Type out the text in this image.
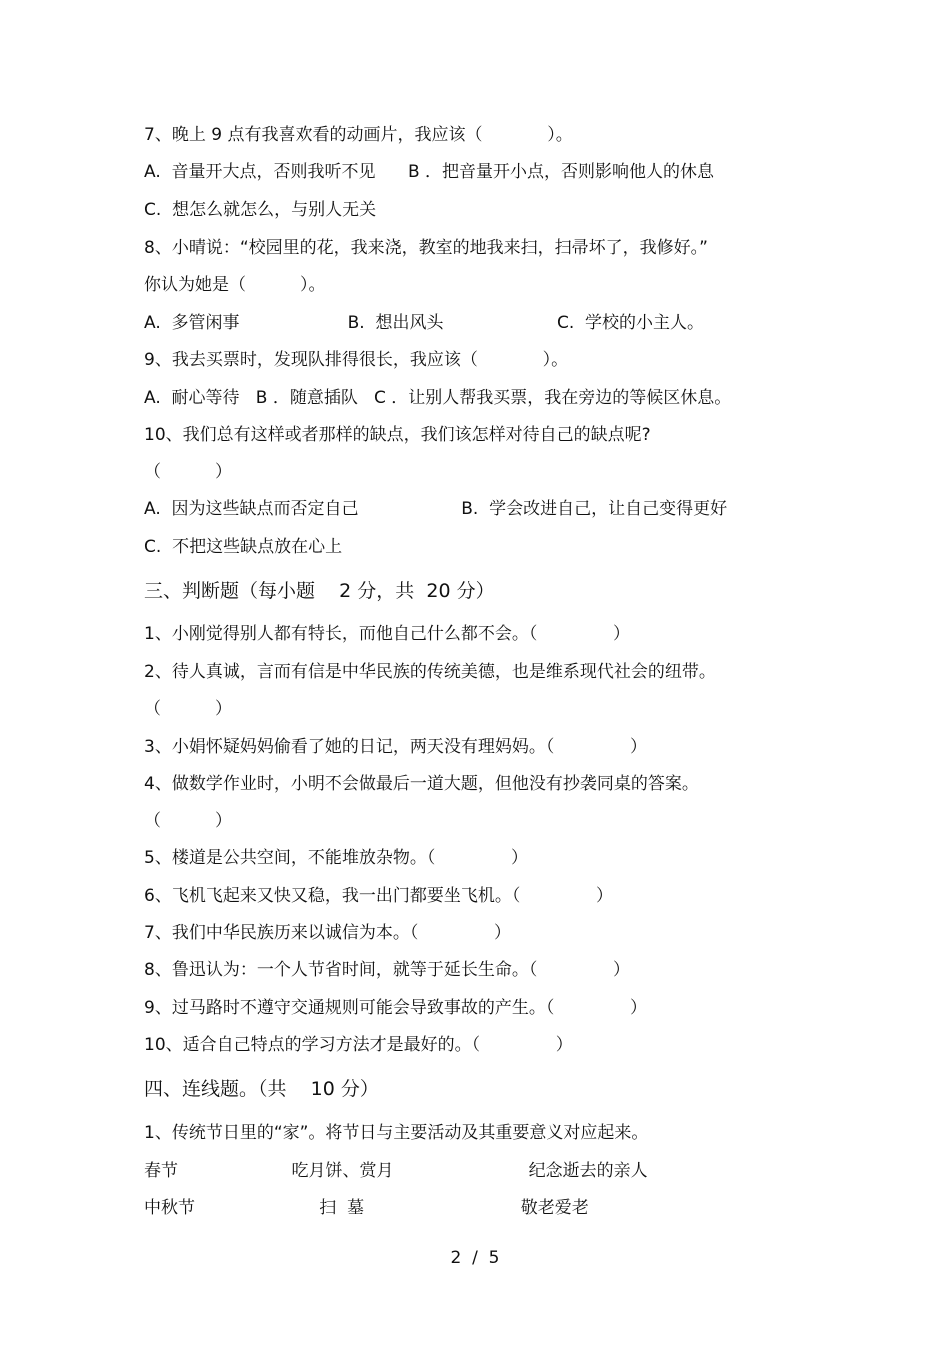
7、晚上 9 点有我喜欢看的动画片，我应该（            ）。
A.  音量开大点，否则我听不见      B ．把音量开小点，否则影响他人的休息
C.  想怎么就怎么，与别人无关
8、小晴说：“校园里的花，我来浇，教室的地我来扫，扫帚坏了，我修好。”
你认为她是（          ）。
A.  多管闲事                    B.  想出风头                     C.  学校的小主人。
9、我去买票时，发现队排得很长，我应该（            ）。
A.  耐心等待   B ．随意插队   C ．让别人帮我买票，我在旁边的等候区休息。
10、我们总有这样或者那样的缺点，我们该怎样对待自己的缺点呢?
（          ）
A.  因为这些缺点而否定自己                   B.  学会改进自己，让自己变得更好
C.  不把这些缺点放在心上
三、判断题（每小题    2 分，共  20 分）
1、小刚觉得别人都有特长，而他自己什么都不会。（              ）
2、待人真诚，言而有信是中华民族的传统美德，也是维系现代社会的纽带。
（          ）
3、小娟怀疑妈妈偷看了她的日记，两天没有理妈妈。（              ）
4、做数学作业时，小明不会做最后一道大题，但他没有抄袭同桌的答案。
（          ）
5、楼道是公共空间，不能堆放杂物。（              ）
6、飞机飞起来又快又稳，我一出门都要坐飞机。（              ）
7、我们中华民族历来以诚信为本。（              ）
8、鲁迅认为：一个人节省时间，就等于延长生命。（              ）
9、过马路时不遵守交通规则可能会导致事故的产生。（              ）
10、适合自己特点的学习方法才是最好的。（              ）
四、连线题。（共    10 分）
1、传统节日里的“家”。将节日与主要活动及其重要意义对应起来。
春节                     吃月饼、赏月                         纪念逝去的亲人
中秋节                       扫  墓                             敬老爱老
2  /  5
